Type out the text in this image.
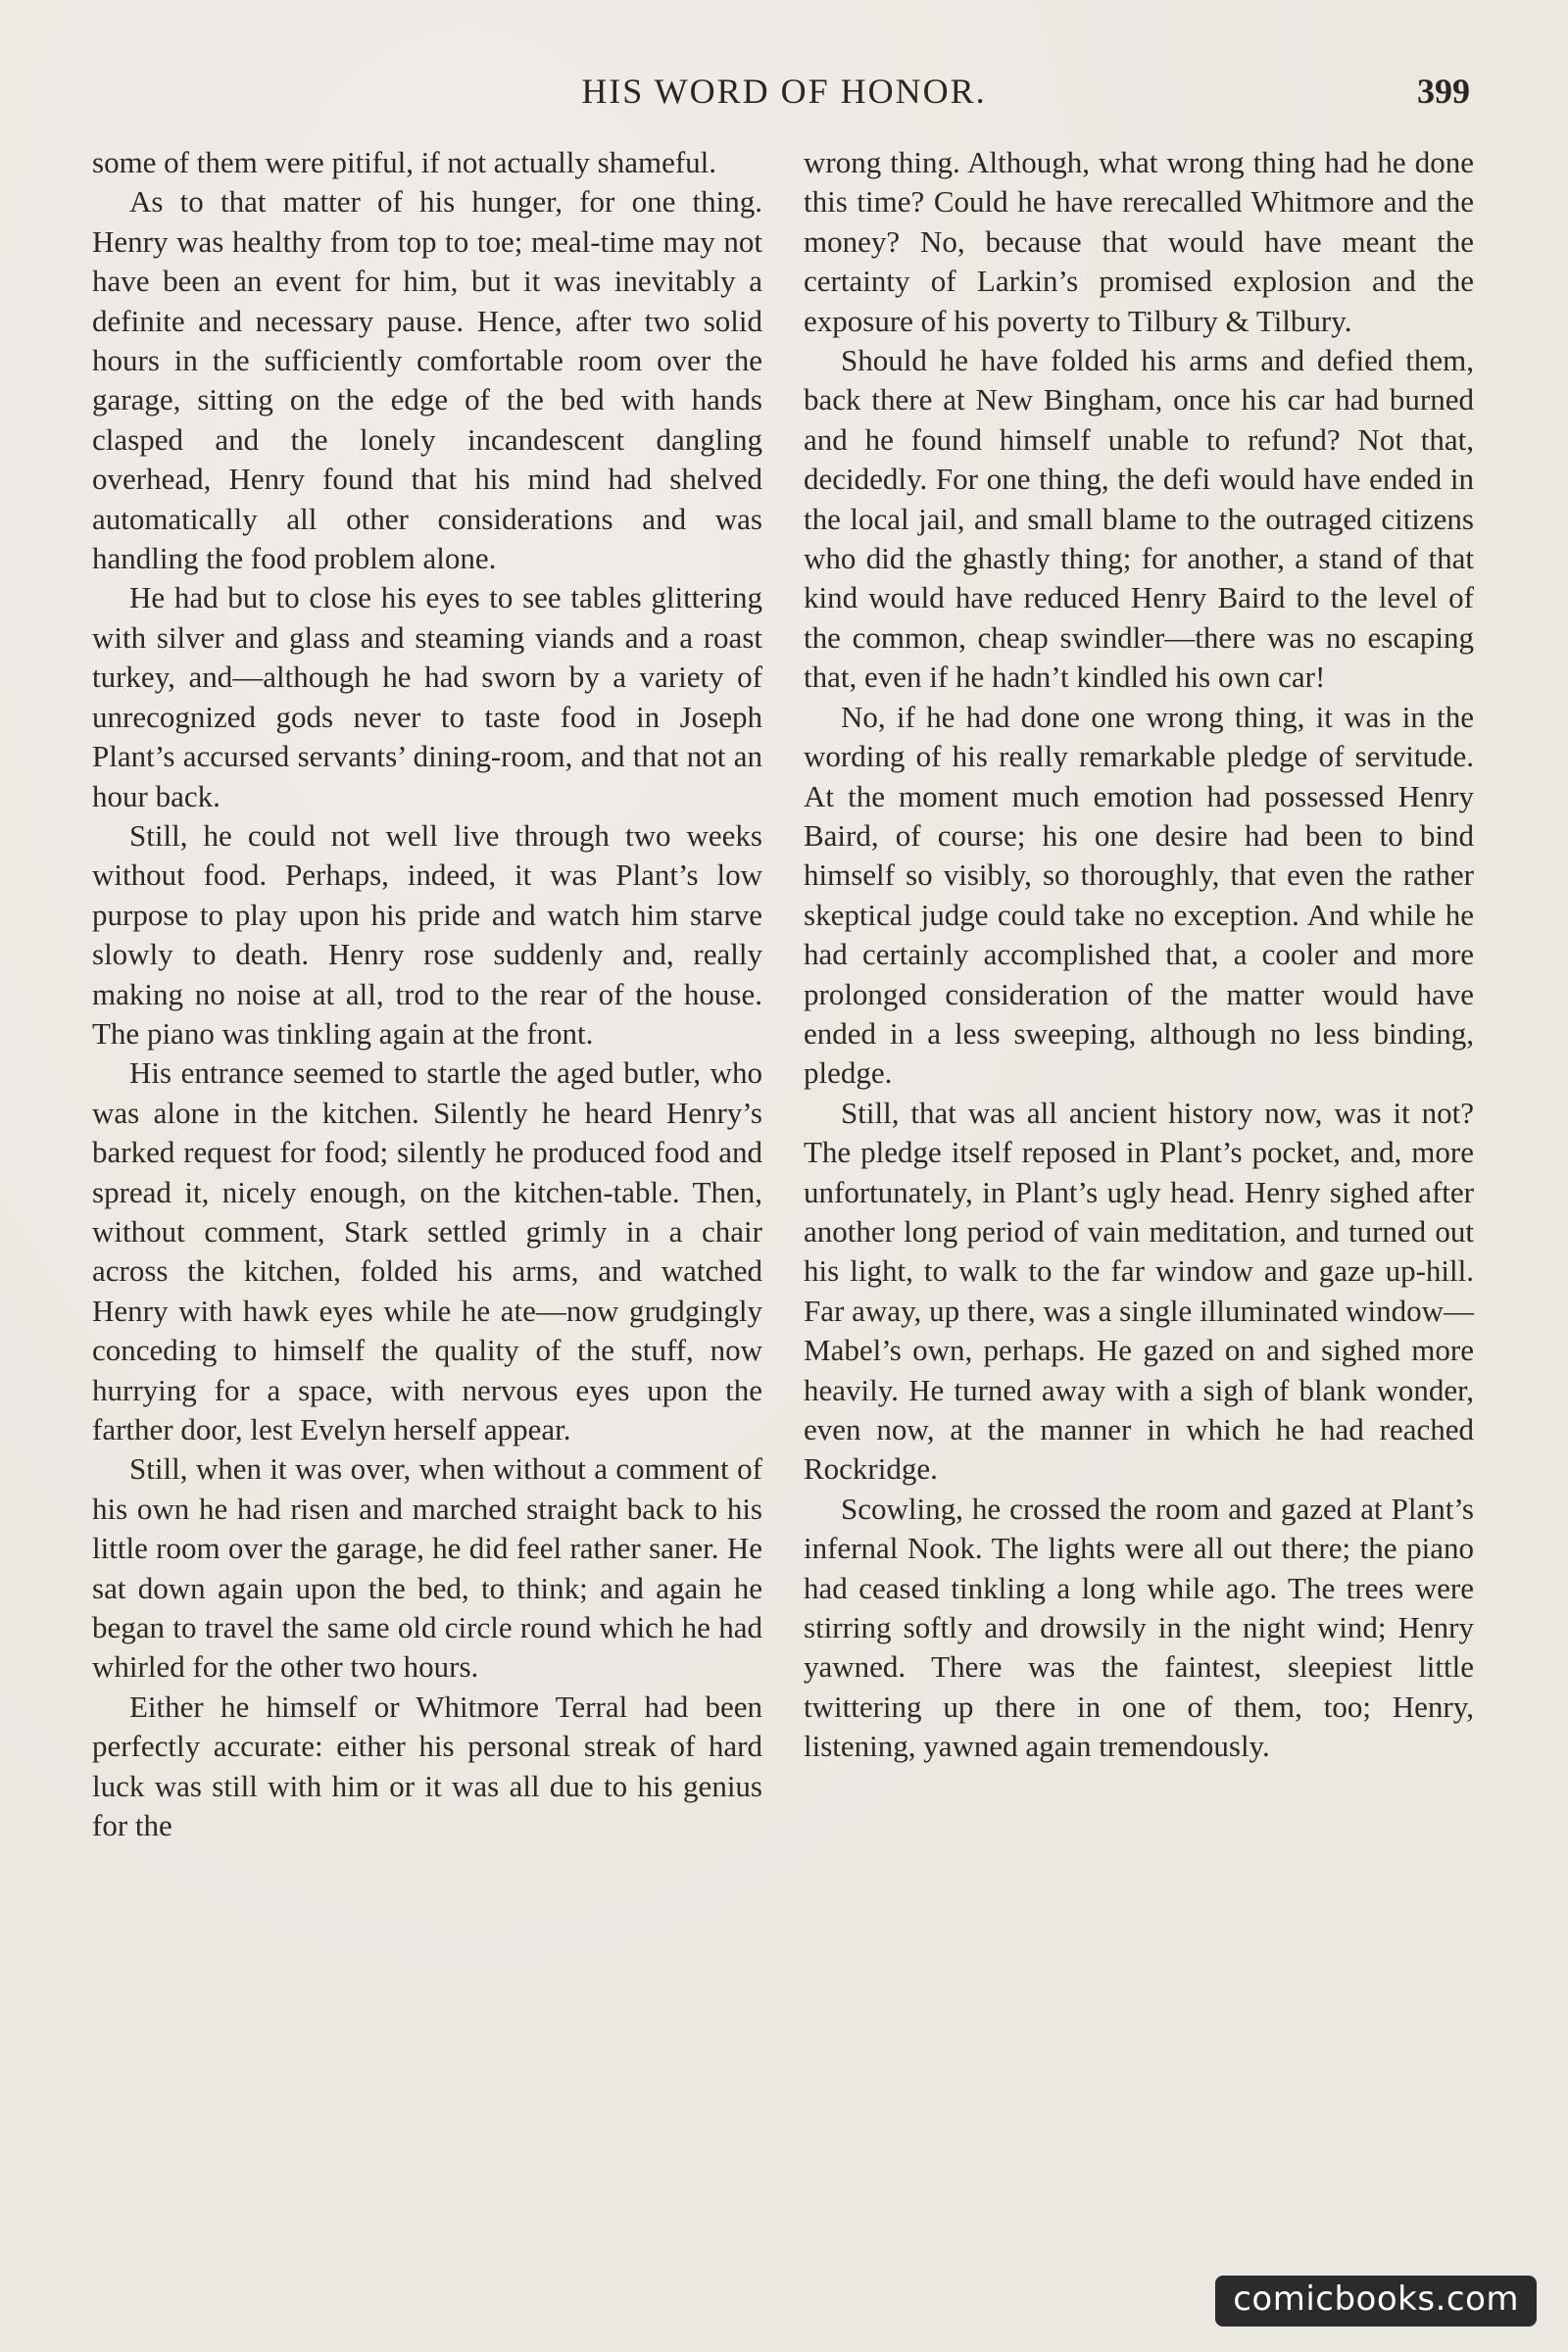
HIS WORD OF HONOR.	399

some of them were pitiful, if not actually shameful.

As to that matter of his hunger, for one thing. Henry was healthy from top to toe; meal-time may not have been an event for him, but it was inevitably a definite and necessary pause. Hence, after two solid hours in the sufficiently comfortable room over the garage, sitting on the edge of the bed with hands clasped and the lonely incandescent dangling overhead, Henry found that his mind had shelved automatically all other considerations and was handling the food problem alone.

He had but to close his eyes to see tables glittering with silver and glass and steaming viands and a roast turkey, and—although he had sworn by a variety of unrecognized gods never to taste food in Joseph Plant’s accursed servants’ dining-room, and that not an hour back.

Still, he could not well live through two weeks without food. Perhaps, indeed, it was Plant’s low purpose to play upon his pride and watch him starve slowly to death. Henry rose suddenly and, really making no noise at all, trod to the rear of the house. The piano was tinkling again at the front.

His entrance seemed to startle the aged butler, who was alone in the kitchen. Silently he heard Henry’s barked request for food; silently he produced food and spread it, nicely enough, on the kitchen-table. Then, without comment, Stark settled grimly in a chair across the kitchen, folded his arms, and watched Henry with hawk eyes while he ate—now grudgingly conceding to himself the quality of the stuff, now hurrying for a space, with nervous eyes upon the farther door, lest Evelyn herself appear.

Still, when it was over, when without a comment of his own he had risen and marched straight back to his little room over the garage, he did feel rather saner. He sat down again upon the bed, to think; and again he began to travel the same old circle round which he had whirled for the other two hours.

Either he himself or Whitmore Terral had been perfectly accurate: either his personal streak of hard luck was still with him or it was all due to his genius for the

wrong thing. Although, what wrong thing had he done this time? Could he have rerecalled Whitmore and the money? No, because that would have meant the certainty of Larkin’s promised explosion and the exposure of his poverty to Tilbury & Tilbury.

Should he have folded his arms and defied them, back there at New Bingham, once his car had burned and he found himself unable to refund? Not that, decidedly. For one thing, the defi would have ended in the local jail, and small blame to the outraged citizens who did the ghastly thing; for another, a stand of that kind would have reduced Henry Baird to the level of the common, cheap swindler—there was no escaping that, even if he hadn’t kindled his own car!

No, if he had done one wrong thing, it was in the wording of his really remarkable pledge of servitude. At the moment much emotion had possessed Henry Baird, of course; his one desire had been to bind himself so visibly, so thoroughly, that even the rather skeptical judge could take no exception. And while he had certainly accomplished that, a cooler and more prolonged consideration of the matter would have ended in a less sweeping, although no less binding, pledge.

Still, that was all ancient history now, was it not? The pledge itself reposed in Plant’s pocket, and, more unfortunately, in Plant’s ugly head. Henry sighed after another long period of vain meditation, and turned out his light, to walk to the far window and gaze up-hill. Far away, up there, was a single illuminated window—Mabel’s own, perhaps. He gazed on and sighed more heavily. He turned away with a sigh of blank wonder, even now, at the manner in which he had reached Rockridge.

Scowling, he crossed the room and gazed at Plant’s infernal Nook. The lights were all out there; the piano had ceased tinkling a long while ago. The trees were stirring softly and drowsily in the night wind; Henry yawned. There was the faintest, sleepiest little twittering up there in one of them, too; Henry, listening, yawned again tremendously.

comicbooks.com
